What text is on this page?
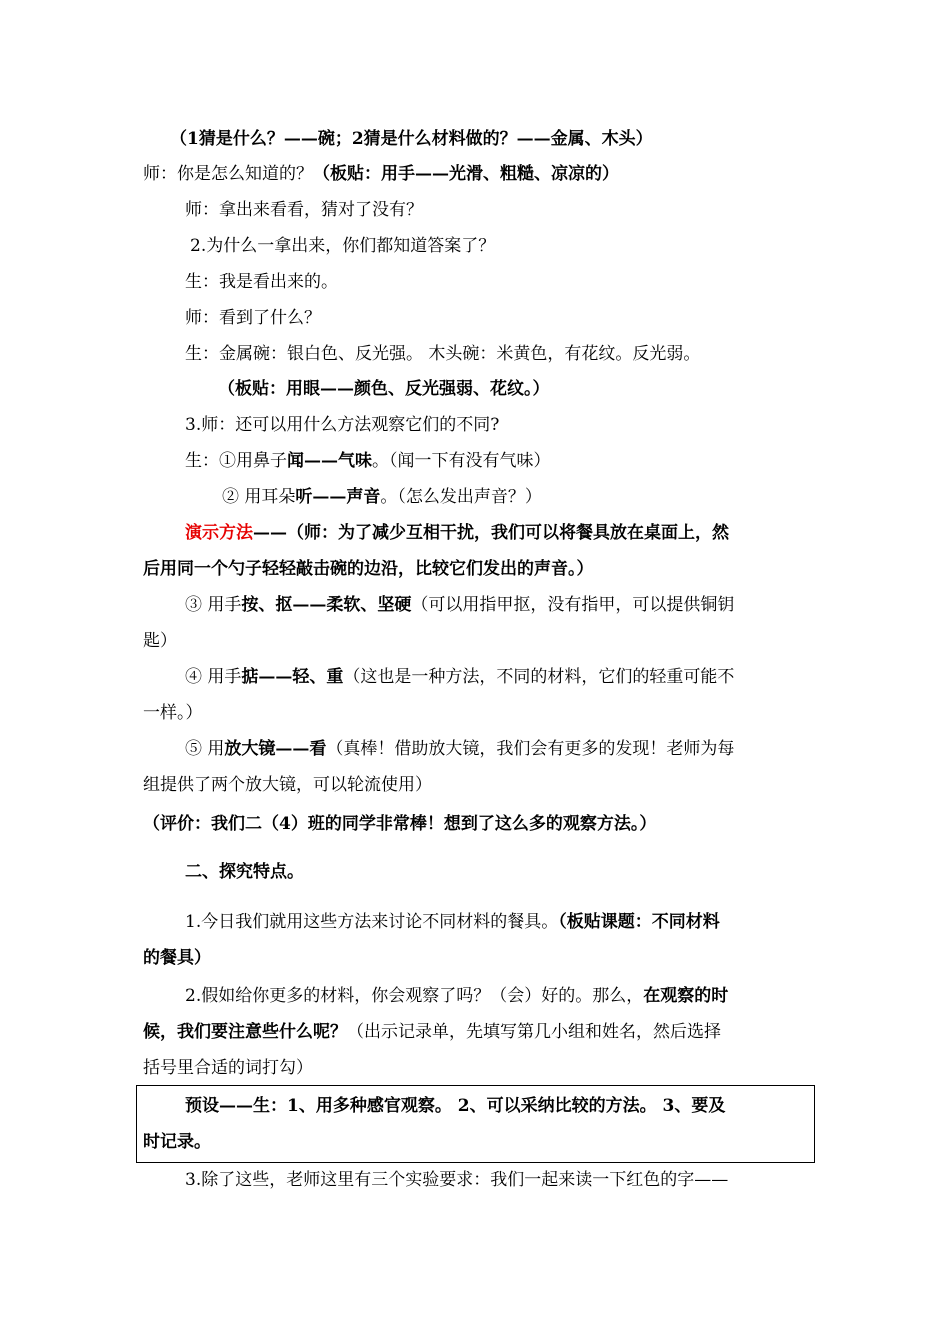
（1猜是什么？——碗；2猜是什么材料做的？——金属、木头）
师：你是怎么知道的？（板贴：用手——光滑、粗糙、凉凉的）
师：拿出来看看，猜对了没有？
2.为什么一拿出来，你们都知道答案了？
生：我是看出来的。
师：看到了什么？
生：金属碗：银白色、反光强。 木头碗：米黄色，有花纹。反光弱。
（板贴：用眼——颜色、反光强弱、花纹。）
3.师：还可以用什么方法观察它们的不同?
生：①用鼻子闻——气味。（闻一下有没有气味）
② 用耳朵听——声音。（怎么发出声音？）
演示方法——（师：为了减少互相干扰，我们可以将餐具放在桌面上，然
后用同一个勺子轻轻敲击碗的边沿，比较它们发出的声音。）
③ 用手按、抠——柔软、坚硬（可以用指甲抠，没有指甲，可以提供铜钥
匙）
④ 用手掂——轻、重（这也是一种方法，不同的材料，它们的轻重可能不
一样。）
⑤ 用放大镜——看（真棒！借助放大镜，我们会有更多的发现！老师为每
组提供了两个放大镜，可以轮流使用）
（评价：我们二（4）班的同学非常棒！想到了这么多的观察方法。）
二、探究特点。
1.今日我们就用这些方法来讨论不同材料的餐具。（板贴课题：不同材料
的餐具）
2.假如给你更多的材料，你会观察了吗？（会）好的。那么，在观察的时
候，我们要注意些什么呢？（出示记录单，先填写第几小组和姓名，然后选择
括号里合适的词打勾）
预设——生：1、用多种感官观察。 2、可以采纳比较的方法。 3、要及
时记录。
3.除了这些，老师这里有三个实验要求：我们一起来读一下红色的字——
